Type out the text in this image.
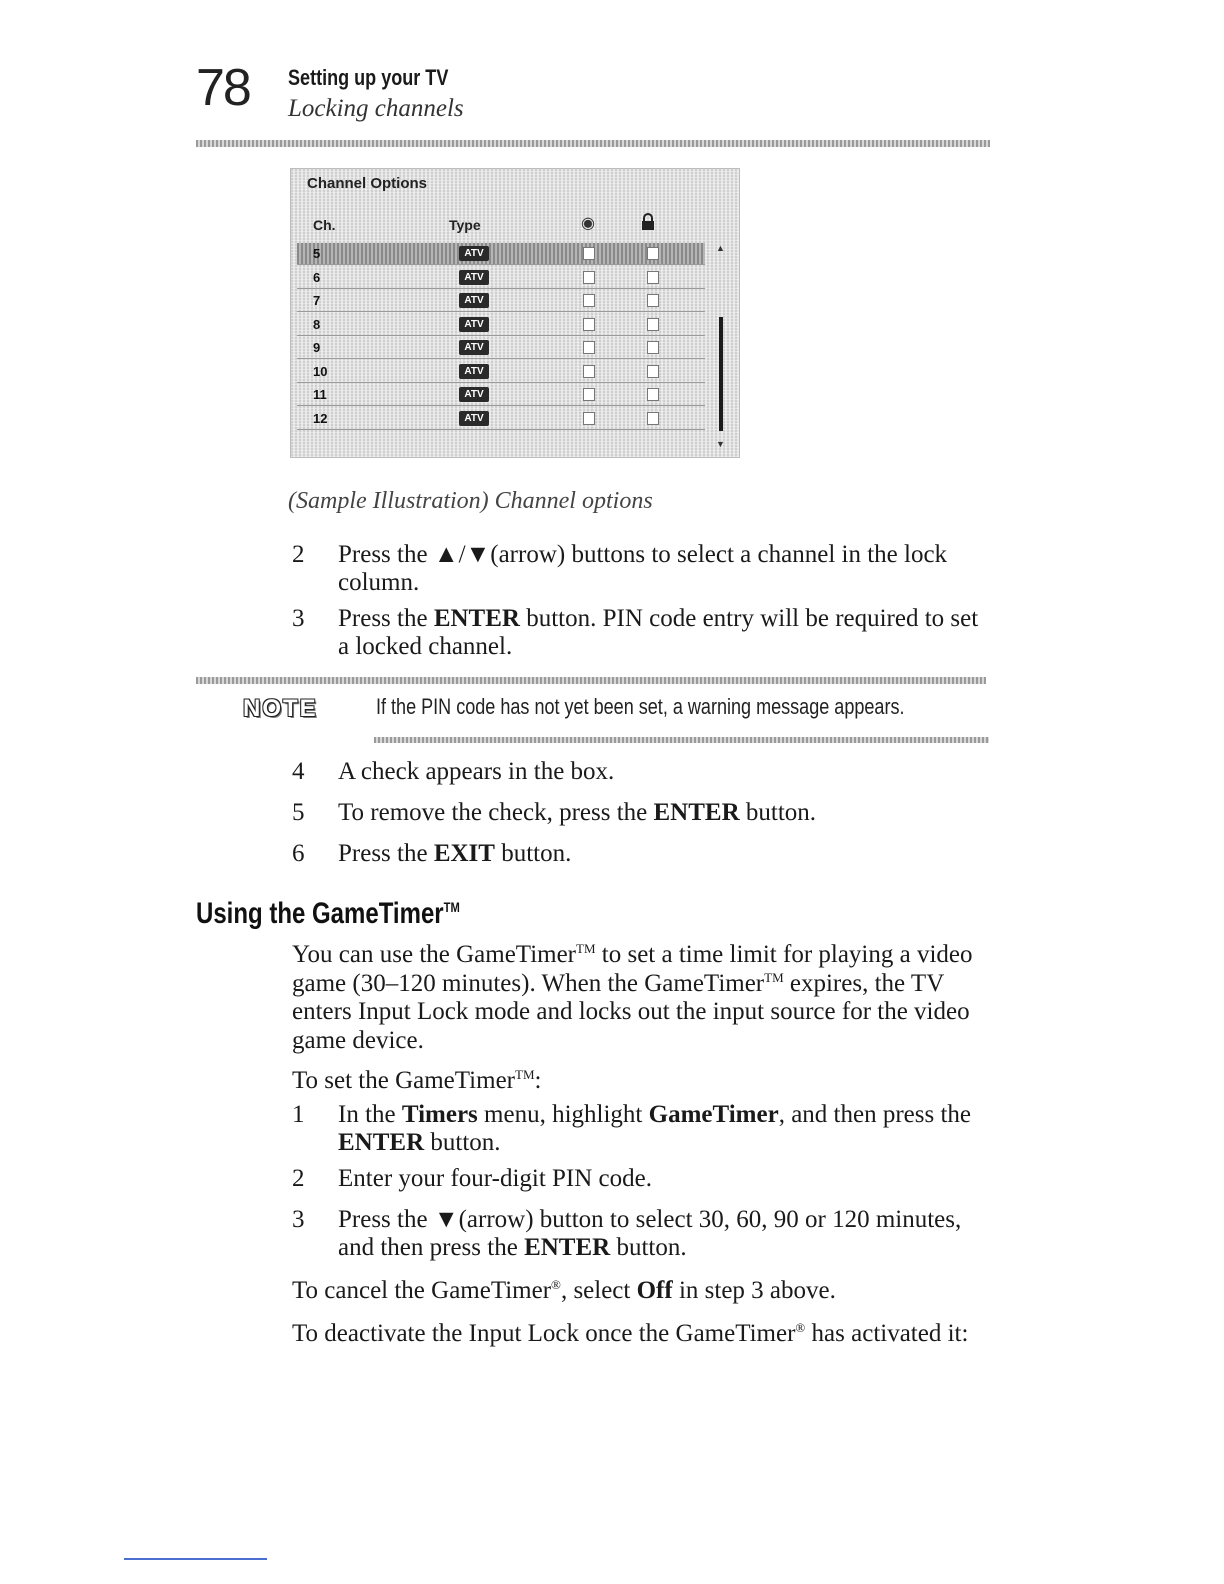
78 Setting up your TV
Locking channels
Channel Options
Ch.	Type	◉
5	ATV
6	ATV
7	ATV
8	ATV
9	ATV
10	ATV
11	ATV
12	ATV
▲
▼
(Sample Illustration) Channel options
2 Press the ▲/▼(arrow) buttons to select a channel in the lock
column.
3 Press the ENTER button. PIN code entry will be required to set
a locked channel.
NOTE	If the PIN code has not yet been set, a warning message appears.
4 A check appears in the box.
5 To remove the check, press the ENTER button.
6 Press the EXIT button.
Using the GameTimer™
You can use the GameTimer™ to set a time limit for playing a video
game (30–120 minutes). When the GameTimer™ expires, the TV
enters Input Lock mode and locks out the input source for the video
game device.
To set the GameTimer™:
1 In the Timers menu, highlight GameTimer, and then press the
ENTER button.
2 Enter your four-digit PIN code.
3 Press the ▼(arrow) button to select 30, 60, 90 or 120 minutes,
and then press the ENTER button.
To cancel the GameTimer®, select Off in step 3 above.
To deactivate the Input Lock once the GameTimer® has activated it:
